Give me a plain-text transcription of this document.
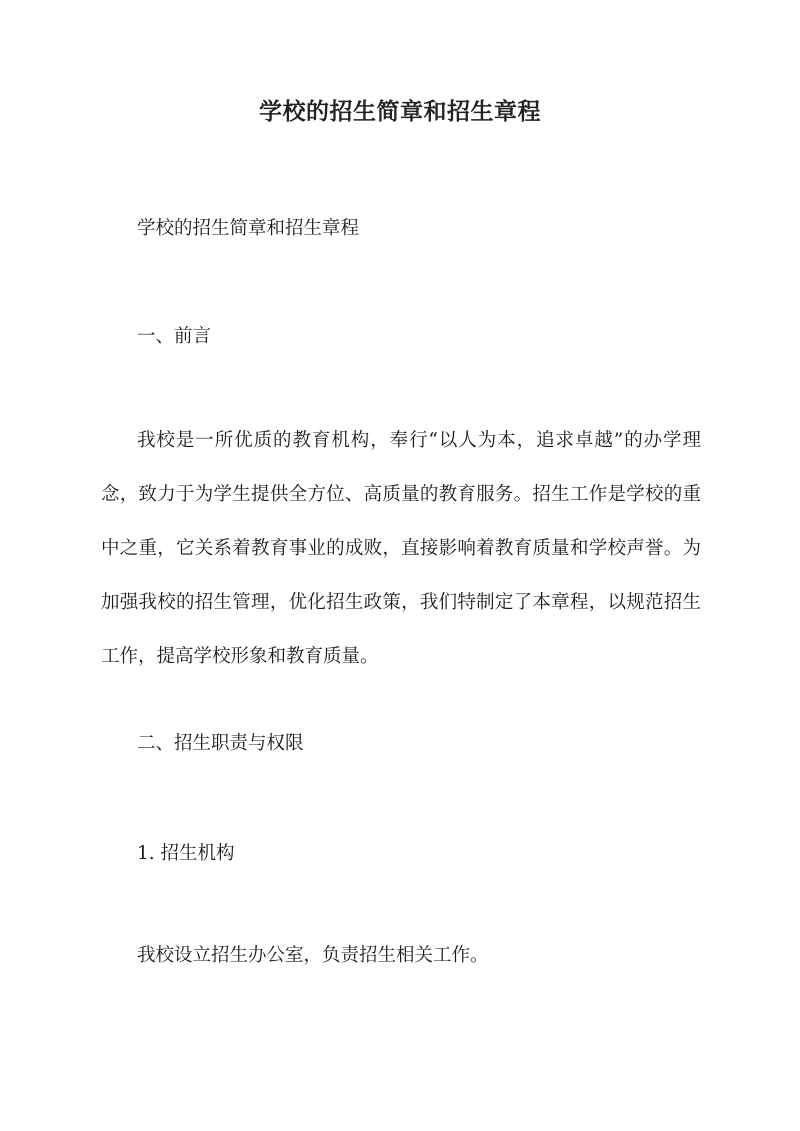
学校的招生简章和招生章程
学校的招生简章和招生章程
一、前言
我校是一所优质的教育机构，奉行“以人为本，追求卓越”的办学理念，致力于为学生提供全方位、高质量的教育服务。招生工作是学校的重中之重，它关系着教育事业的成败，直接影响着教育质量和学校声誉。为加强我校的招生管理，优化招生政策，我们特制定了本章程，以规范招生工作，提高学校形象和教育质量。
二、招生职责与权限
1. 招生机构
我校设立招生办公室，负责招生相关工作。
